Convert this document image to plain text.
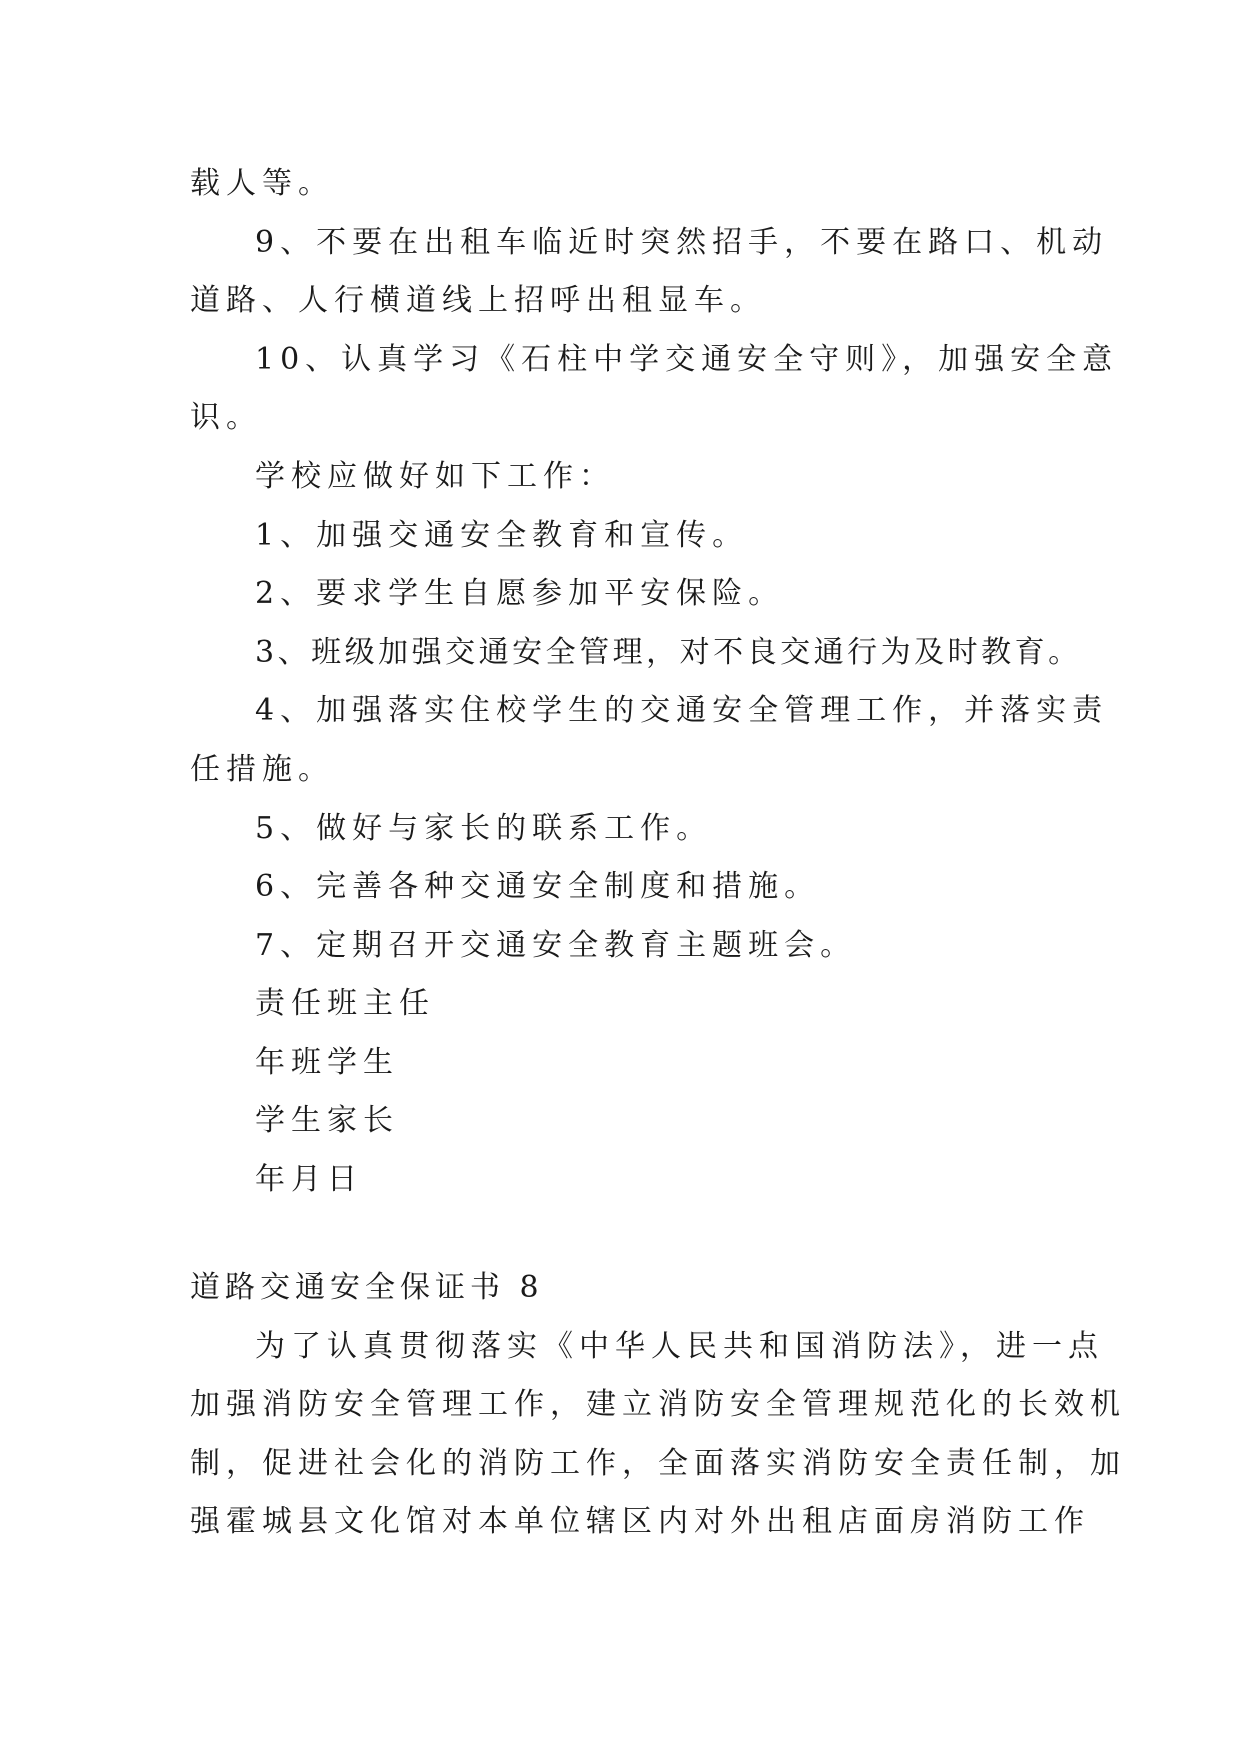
载人等。
9、不要在出租车临近时突然招手，不要在路口、机动
道路、人行横道线上招呼出租显车。
10、认真学习《石柱中学交通安全守则》，加强安全意
识。
学校应做好如下工作：
1、加强交通安全教育和宣传。
2、要求学生自愿参加平安保险。
3、班级加强交通安全管理，对不良交通行为及时教育。
4、加强落实住校学生的交通安全管理工作，并落实责
任措施。
5、做好与家长的联系工作。
6、完善各种交通安全制度和措施。
7、定期召开交通安全教育主题班会。
责任班主任
年班学生
学生家长
年月日
道路交通安全保证书 8
为了认真贯彻落实《中华人民共和国消防法》，进一点
加强消防安全管理工作，建立消防安全管理规范化的长效机
制，促进社会化的消防工作，全面落实消防安全责任制，加
强霍城县文化馆对本单位辖区内对外出租店面房消防工作
